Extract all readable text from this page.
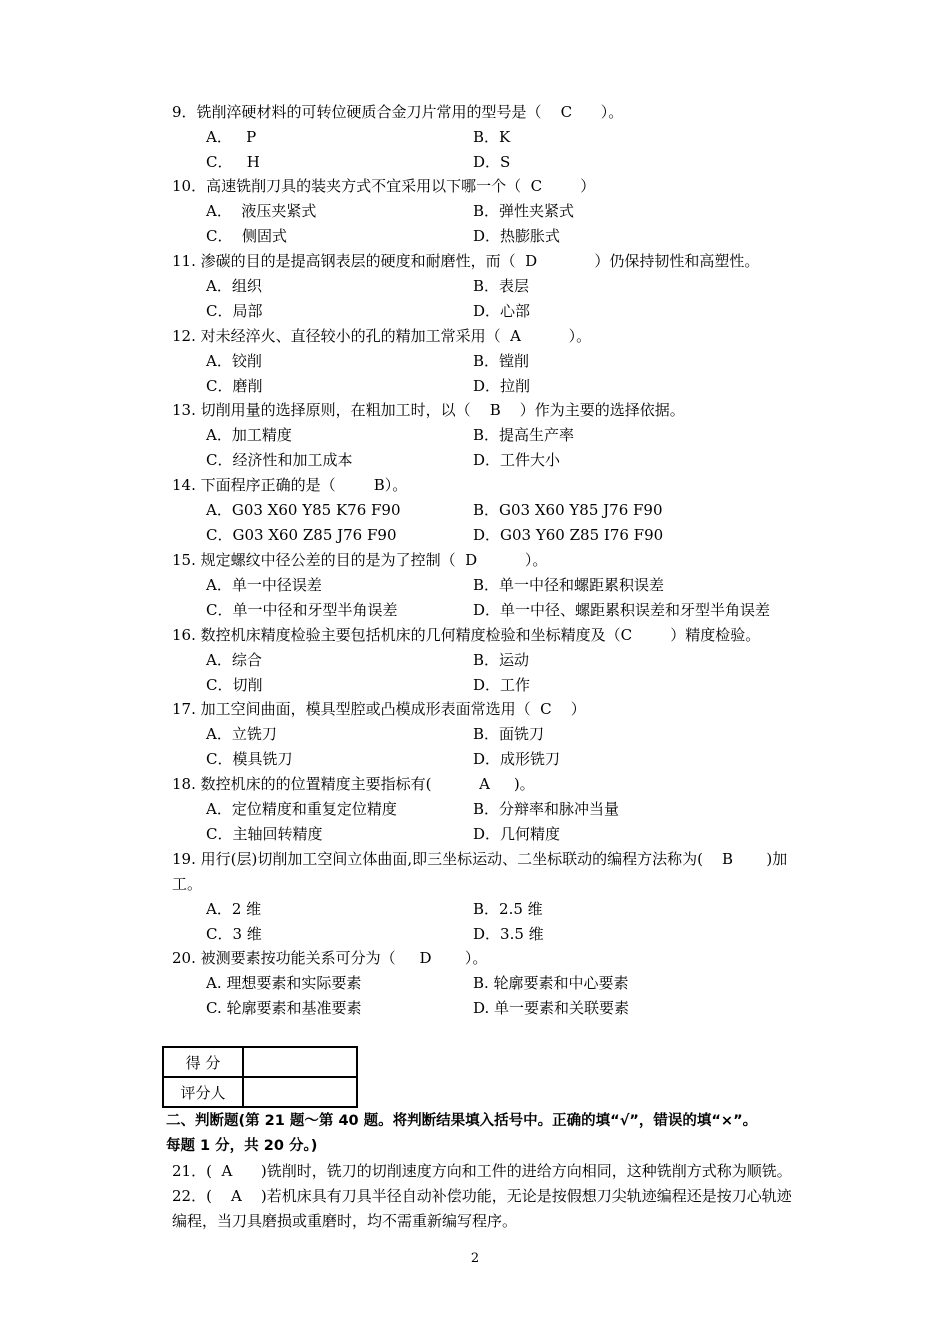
9．铣削淬硬材料的可转位硬质合金刀片常用的型号是（    C      ）。
A．   P	B．K
C．   H	D．S
10．高速铣削刀具的装夹方式不宜采用以下哪一个（  C        ）
A．  液压夹紧式	B．弹性夹紧式
C．  侧固式	D．热膨胀式
11. 渗碳的目的是提高钢表层的硬度和耐磨性，而（  D            ）仍保持韧性和高塑性。
A．组织	B．表层
C．局部	D．心部
12. 对未经淬火、直径较小的孔的精加工常采用（  A          ）。
A．铰削	B．镗削
C．磨削	D．拉削
13. 切削用量的选择原则，在粗加工时，以（    B    ）作为主要的选择依据。
A．加工精度	B．提高生产率
C．经济性和加工成本	D．工件大小
14. 下面程序正确的是（        B）。
A．G03 X60 Y85 K76 F90	B．G03 X60 Y85 J76 F90
C．G03 X60 Z85 J76 F90	D．G03 Y60 Z85 I76 F90
15. 规定螺纹中径公差的目的是为了控制（  D          ）。
A．单一中径误差	B．单一中径和螺距累积误差
C．单一中径和牙型半角误差	D．单一中径、螺距累积误差和牙型半角误差
16. 数控机床精度检验主要包括机床的几何精度检验和坐标精度及（C        ）精度检验。
A．综合	B．运动
C．切削	D．工作
17. 加工空间曲面，模具型腔或凸模成形表面常选用（  C    ）
A．立铣刀	B．面铣刀
C．模具铣刀	D．成形铣刀
18. 数控机床的的位置精度主要指标有(          A     )。
A．定位精度和重复定位精度	B．分辩率和脉冲当量
C．主轴回转精度	D．几何精度
19. 用行(层)切削加工空间立体曲面,即三坐标运动、二坐标联动的编程方法称为(    B       )加
工。
A．2 维	B．2.5 维
C．3 维	D．3.5 维
20. 被测要素按功能关系可分为（     D       ）。
A. 理想要素和实际要素	B. 轮廓要素和中心要素
C. 轮廓要素和基准要素	D. 单一要素和关联要素
得 分	
评分人	
二、判断题(第 21 题～第 40 题。将判断结果填入括号中。正确的填“√”，错误的填“×”。
每题 1 分，共 20 分。)
21．(  A      )铣削时，铣刀的切削速度方向和工件的进给方向相同，这种铣削方式称为顺铣。
22．(    A    )若机床具有刀具半径自动补偿功能，无论是按假想刀尖轨迹编程还是按刀心轨迹
编程，当刀具磨损或重磨时，均不需重新编写程序。
2
